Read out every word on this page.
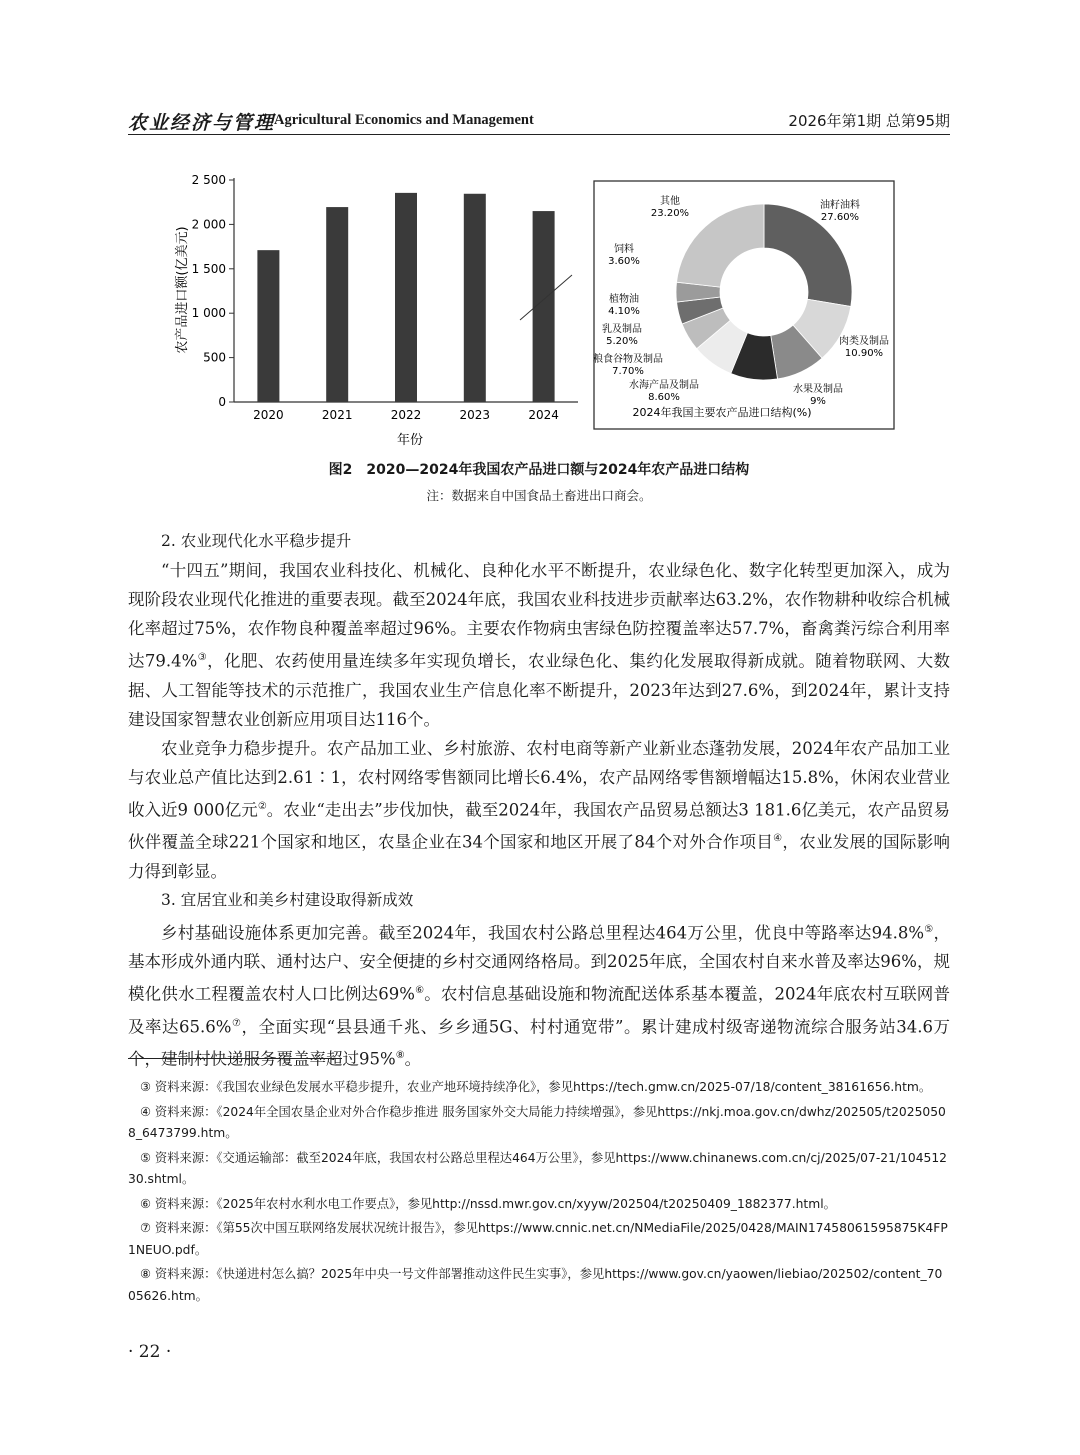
农业经济与管理
Agricultural Economics and Management	2026年第1期 总第95期
0
500
1 000
1 500
2 000
2 500
2020	2021	2022	2023	2024
农产品进口额(亿美元)
年份
油籽油料
27.60%
肉类及制品
10.90%
水果及制品
9%
水海产品及制品
8.60%
粮食谷物及制品
7.70%
乳及制品
5.20%
植物油
4.10%
饲料
3.60%
其他
23.20%
2024年我国主要农产品进口结构(%)
图2　2020—2024年我国农产品进口额与2024年农产品进口结构
注：数据来自中国食品土畜进出口商会。

2. 农业现代化水平稳步提升

“十四五”期间，我国农业科技化、机械化、良种化水平不断提升，农业绿色化、数字化转型更加深入，成为现阶段农业现代化推进的重要表现。截至2024年底，我国农业科技进步贡献率达63.2%，农作物耕种收综合机械化率超过75%，农作物良种覆盖率超过96%。主要农作物病虫害绿色防控覆盖率达57.7%，畜禽粪污综合利用率达79.4%③，化肥、农药使用量连续多年实现负增长，农业绿色化、集约化发展取得新成就。随着物联网、大数据、人工智能等技术的示范推广，我国农业生产信息化率不断提升，2023年达到27.6%，到2024年，累计支持建设国家智慧农业创新应用项目达116个。

农业竞争力稳步提升。农产品加工业、乡村旅游、农村电商等新产业新业态蓬勃发展，2024年农产品加工业与农业总产值比达到2.61∶1，农村网络零售额同比增长6.4%，农产品网络零售额增幅达15.8%，休闲农业营业收入近9 000亿元②。农业“走出去”步伐加快，截至2024年，我国农产品贸易总额达3 181.6亿美元，农产品贸易伙伴覆盖全球221个国家和地区，农垦企业在34个国家和地区开展了84个对外合作项目④，农业发展的国际影响力得到彰显。

3. 宜居宜业和美乡村建设取得新成效

乡村基础设施体系更加完善。截至2024年，我国农村公路总里程达464万公里，优良中等路率达94.8%⑤，基本形成外通内联、通村达户、安全便捷的乡村交通网络格局。到2025年底，全国农村自来水普及率达96%，规模化供水工程覆盖农村人口比例达69%⑥。农村信息基础设施和物流配送体系基本覆盖，2024年底农村互联网普及率达65.6%⑦，全面实现“县县通千兆、乡乡通5G、村村通宽带”。累计建成村级寄递物流综合服务站34.6万个，建制村快递服务覆盖率超过95%⑧。

③ 资料来源：《我国农业绿色发展水平稳步提升，农业产地环境持续净化》，参见https://tech.gmw.cn/2025-07/18/content_38161656.htm。

④ 资料来源：《2024年全国农垦企业对外合作稳步推进 服务国家外交大局能力持续增强》，参见https://nkj.moa.gov.cn/dwhz/202505/t20250508_6473799.htm。

⑤ 资料来源：《交通运输部：截至2024年底，我国农村公路总里程达464万公里》，参见https://www.chinanews.com.cn/cj/2025/07-21/10451230.shtml。

⑥ 资料来源：《2025年农村水利水电工作要点》，参见http://nssd.mwr.gov.cn/xyyw/202504/t20250409_1882377.html。

⑦ 资料来源：《第55次中国互联网络发展状况统计报告》，参见https://www.cnnic.net.cn/NMediaFile/2025/0428/MAIN17458061595875K4FP1NEUO.pdf。

⑧ 资料来源：《快递进村怎么搞？2025年中央一号文件部署推动这件民生实事》，参见https://www.gov.cn/yaowen/liebiao/202502/content_7005626.htm。

· 22 ·
